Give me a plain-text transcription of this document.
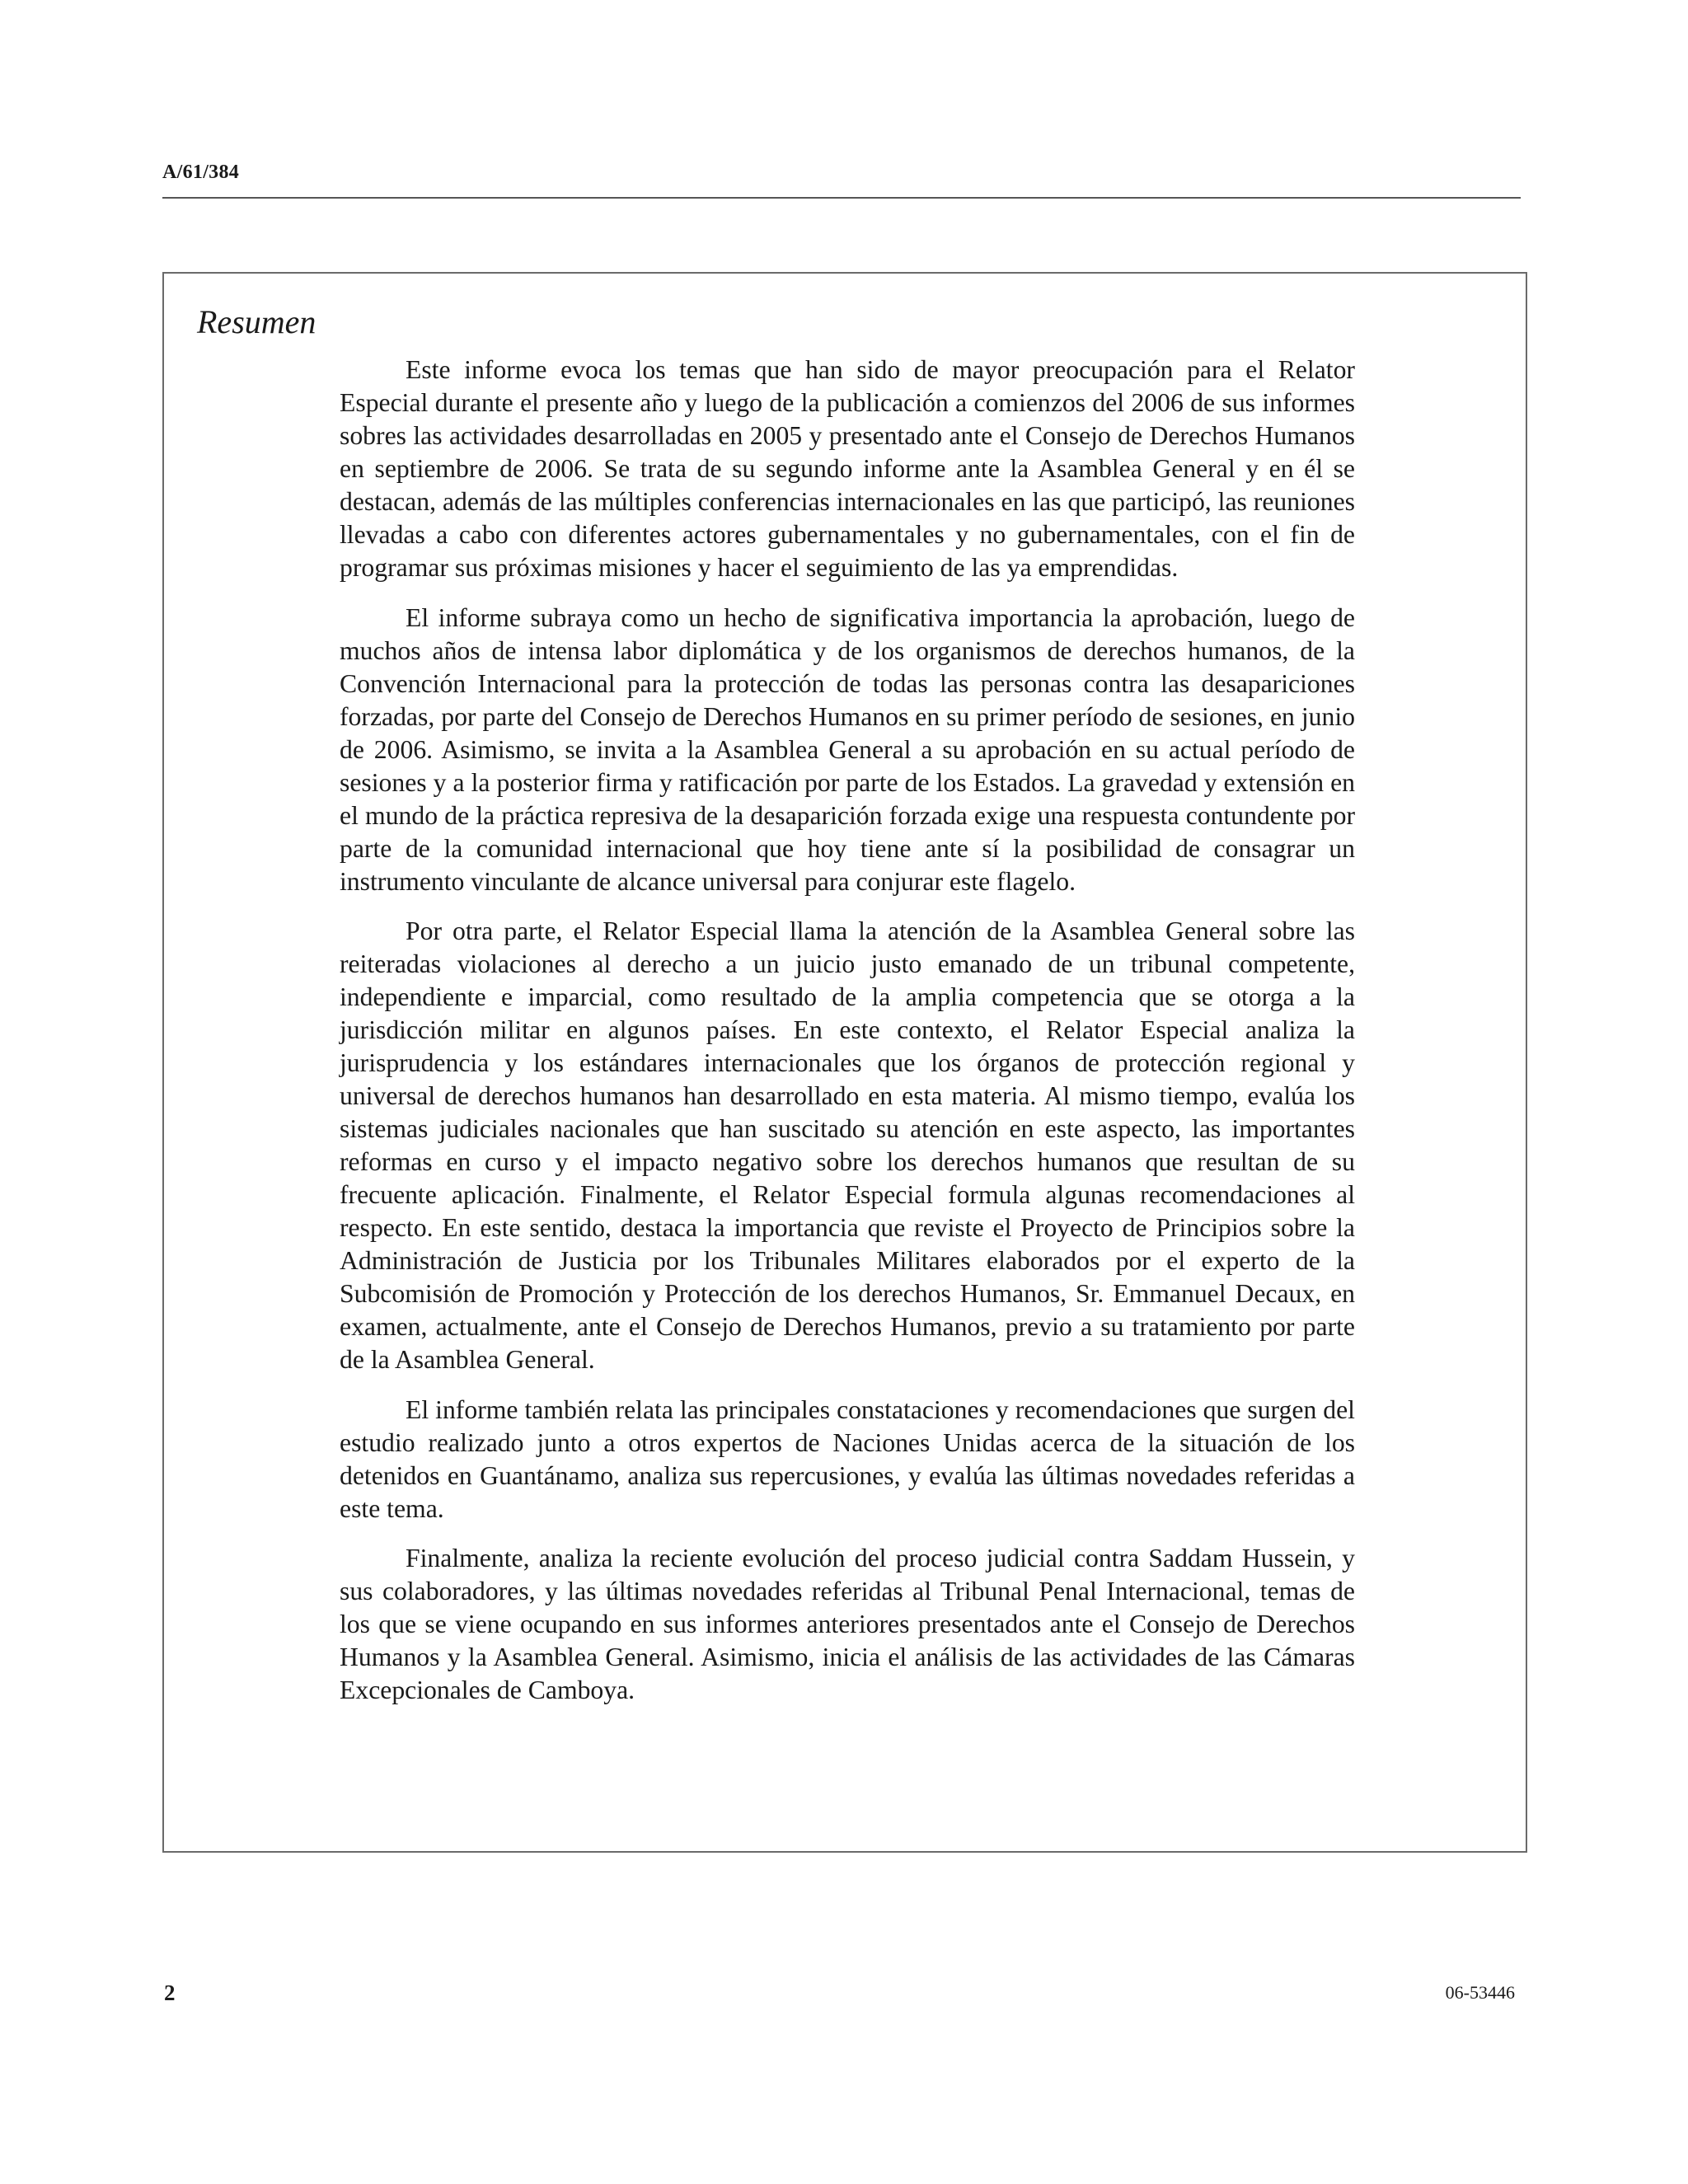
A/61/384
Resumen

Este informe evoca los temas que han sido de mayor preocupación para el Relator Especial durante el presente año y luego de la publicación a comienzos del 2006 de sus informes sobres las actividades desarrolladas en 2005 y presentado ante el Consejo de Derechos Humanos en septiembre de 2006. Se trata de su segundo informe ante la Asamblea General y en él se destacan, además de las múltiples conferencias internacionales en las que participó, las reuniones llevadas a cabo con diferentes actores gubernamentales y no gubernamentales, con el fin de programar sus próximas misiones y hacer el seguimiento de las ya emprendidas.

El informe subraya como un hecho de significativa importancia la aprobación, luego de muchos años de intensa labor diplomática y de los organismos de derechos humanos, de la Convención Internacional para la protección de todas las personas contra las desapariciones forzadas, por parte del Consejo de Derechos Humanos en su primer período de sesiones, en junio de 2006. Asimismo, se invita a la Asamblea General a su aprobación en su actual período de sesiones y a la posterior firma y ratificación por parte de los Estados. La gravedad y extensión en el mundo de la práctica represiva de la desaparición forzada exige una respuesta contundente por parte de la comunidad internacional que hoy tiene ante sí la posibilidad de consagrar un instrumento vinculante de alcance universal para conjurar este flagelo.

Por otra parte, el Relator Especial llama la atención de la Asamblea General sobre las reiteradas violaciones al derecho a un juicio justo emanado de un tribunal competente, independiente e imparcial, como resultado de la amplia competencia que se otorga a la jurisdicción militar en algunos países. En este contexto, el Relator Especial analiza la jurisprudencia y los estándares internacionales que los órganos de protección regional y universal de derechos humanos han desarrollado en esta materia. Al mismo tiempo, evalúa los sistemas judiciales nacionales que han suscitado su atención en este aspecto, las importantes reformas en curso y el impacto negativo sobre los derechos humanos que resultan de su frecuente aplicación. Finalmente, el Relator Especial formula algunas recomendaciones al respecto. En este sentido, destaca la importancia que reviste el Proyecto de Principios sobre la Administración de Justicia por los Tribunales Militares elaborados por el experto de la Subcomisión de Promoción y Protección de los derechos Humanos, Sr. Emmanuel Decaux, en examen, actualmente, ante el Consejo de Derechos Humanos, previo a su tratamiento por parte de la Asamblea General.

El informe también relata las principales constataciones y recomendaciones que surgen del estudio realizado junto a otros expertos de Naciones Unidas acerca de la situación de los detenidos en Guantánamo, analiza sus repercusiones, y evalúa las últimas novedades referidas a este tema.

Finalmente, analiza la reciente evolución del proceso judicial contra Saddam Hussein, y sus colaboradores, y las últimas novedades referidas al Tribunal Penal Internacional, temas de los que se viene ocupando en sus informes anteriores presentados ante el Consejo de Derechos Humanos y la Asamblea General. Asimismo, inicia el análisis de las actividades de las Cámaras Excepcionales de Camboya.

2	06-53446
